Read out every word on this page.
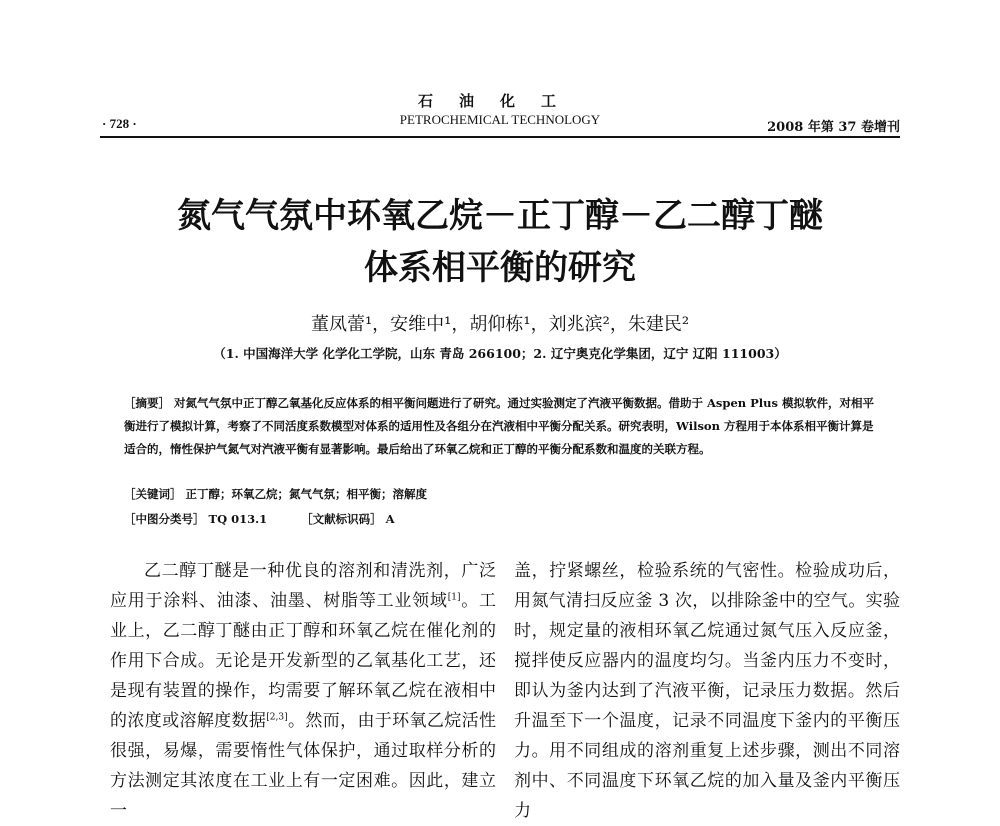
石油化工
PETROCHEMICAL TECHNOLOGY
· 728 ·	2008 年第 37 卷增刊
氮气气氛中环氧乙烷－正丁醇－乙二醇丁醚
体系相平衡的研究
董凤蕾¹，安维中¹，胡仰栋¹，刘兆滨²，朱建民²
（1. 中国海洋大学 化学化工学院，山东 青岛 266100；2. 辽宁奥克化学集团，辽宁 辽阳 111003）
［摘要］ 对氮气气氛中正丁醇乙氧基化反应体系的相平衡问题进行了研究。通过实验测定了汽液平衡数据。借助于 Aspen Plus 模拟软件，对相平衡进行了模拟计算，考察了不同活度系数模型对体系的适用性及各组分在汽液相中平衡分配关系。研究表明，Wilson 方程用于本体系相平衡计算是适合的，惰性保护气氮气对汽液平衡有显著影响。最后给出了环氧乙烷和正丁醇的平衡分配系数和温度的关联方程。
［关键词］ 正丁醇；环氧乙烷；氮气气氛；相平衡；溶解度
［中图分类号］ TQ 013.1	［文献标识码］ A

乙二醇丁醚是一种优良的溶剂和清洗剂，广泛应用于涂料、油漆、油墨、树脂等工业领域[1]。工业上，乙二醇丁醚由正丁醇和环氧乙烷在催化剂的作用下合成。无论是开发新型的乙氧基化工艺，还是现有装置的操作，均需要了解环氧乙烷在液相中的浓度或溶解度数据[2,3]。然而，由于环氧乙烷活性很强，易爆，需要惰性气体保护，通过取样分析的方法测定其浓度在工业上有一定困难。因此，建立一

盖，拧紧螺丝，检验系统的气密性。检验成功后，用氮气清扫反应釜 3 次，以排除釜中的空气。实验时，规定量的液相环氧乙烷通过氮气压入反应釜，搅拌使反应器内的温度均匀。当釜内压力不变时，即认为釜内达到了汽液平衡，记录压力数据。然后升温至下一个温度，记录不同温度下釜内的平衡压力。用不同组成的溶剂重复上述步骤，测出不同溶剂中、不同温度下环氧乙烷的加入量及釜内平衡压力
